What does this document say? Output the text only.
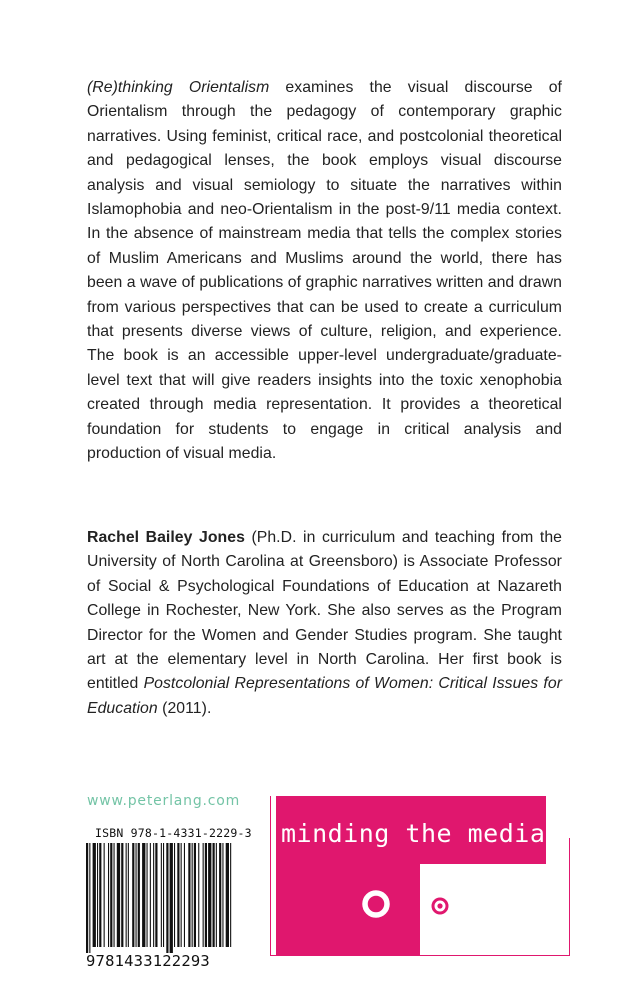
(Re)thinking Orientalism examines the visual discourse of Orientalism through the pedagogy of contemporary graphic narratives. Using feminist, critical race, and postcolonial theoretical and pedagogical lenses, the book employs visual discourse analysis and visual semiology to situate the narratives within Islamophobia and neo-Orientalism in the post-9/11 media context. In the absence of mainstream media that tells the complex stories of Muslim Americans and Muslims around the world, there has been a wave of publications of graphic narratives written and drawn from various perspectives that can be used to create a curriculum that presents diverse views of culture, religion, and experience. The book is an accessible upper-level undergraduate/graduate-level text that will give readers insights into the toxic xenophobia created through media representation. It provides a theoretical foundation for students to engage in critical analysis and production of visual media.
Rachel Bailey Jones (Ph.D. in curriculum and teaching from the University of North Carolina at Greensboro) is Associate Professor of Social & Psychological Foundations of Education at Nazareth College in Rochester, New York. She also serves as the Program Director for the Women and Gender Studies program. She taught art at the elementary level in North Carolina. Her first book is entitled Postcolonial Representations of Women: Critical Issues for Education (2011).
www.peterlang.com
ISBN 978-1-4331-2229-3
9781433122293
minding the media
